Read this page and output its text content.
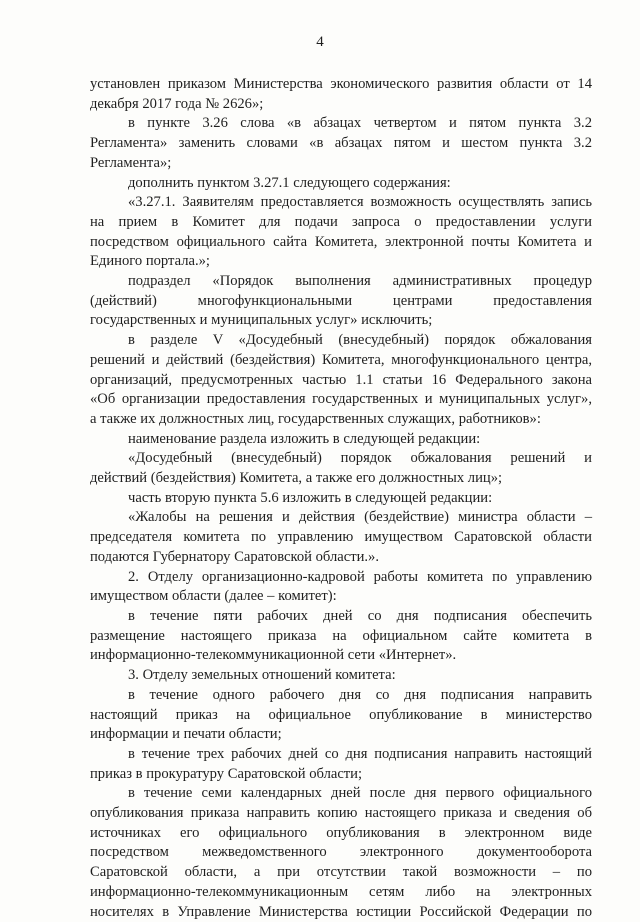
4
установлен приказом Министерства экономического развития области от 14
декабря 2017 года № 2626»;
в пункте 3.26 слова «в абзацах четвертом и пятом пункта 3.2
Регламента» заменить словами «в абзацах пятом и шестом пункта 3.2
Регламента»;
дополнить пунктом 3.27.1 следующего содержания:
«3.27.1. Заявителям предоставляется возможность осуществлять запись
на прием в Комитет для подачи запроса о предоставлении услуги
посредством официального сайта Комитета, электронной почты Комитета и
Единого портала.»;
подраздел «Порядок выполнения административных процедур
(действий) многофункциональными центрами предоставления
государственных и муниципальных услуг» исключить;
в разделе V «Досудебный (внесудебный) порядок обжалования
решений и действий (бездействия) Комитета, многофункционального центра,
организаций, предусмотренных частью 1.1 статьи 16 Федерального закона
«Об организации предоставления государственных и муниципальных услуг»,
а также их должностных лиц, государственных служащих, работников»:
наименование раздела изложить в следующей редакции:
«Досудебный (внесудебный) порядок обжалования решений и
действий (бездействия) Комитета, а также его должностных лиц»;
часть вторую пункта 5.6 изложить в следующей редакции:
«Жалобы на решения и действия (бездействие) министра области –
председателя комитета по управлению имуществом Саратовской области
подаются Губернатору Саратовской области.».
2. Отделу организационно-кадровой работы комитета по управлению
имуществом области (далее – комитет):
в течение пяти рабочих дней со дня подписания обеспечить
размещение настоящего приказа на официальном сайте комитета в
информационно-телекоммуникационной сети «Интернет».
3. Отделу земельных отношений комитета:
в течение одного рабочего дня со дня подписания направить
настоящий приказ на официальное опубликование в министерство
информации и печати области;
в течение трех рабочих дней со дня подписания направить настоящий
приказ в прокуратуру Саратовской области;
в течение семи календарных дней после дня первого официального
опубликования приказа направить копию настоящего приказа и сведения об
источниках его официального опубликования в электронном виде
посредством межведомственного электронного документооборота
Саратовской области, а при отсутствии такой возможности – по
информационно-телекоммуникационным сетям либо на электронных
носителях в Управление Министерства юстиции Российской Федерации по
